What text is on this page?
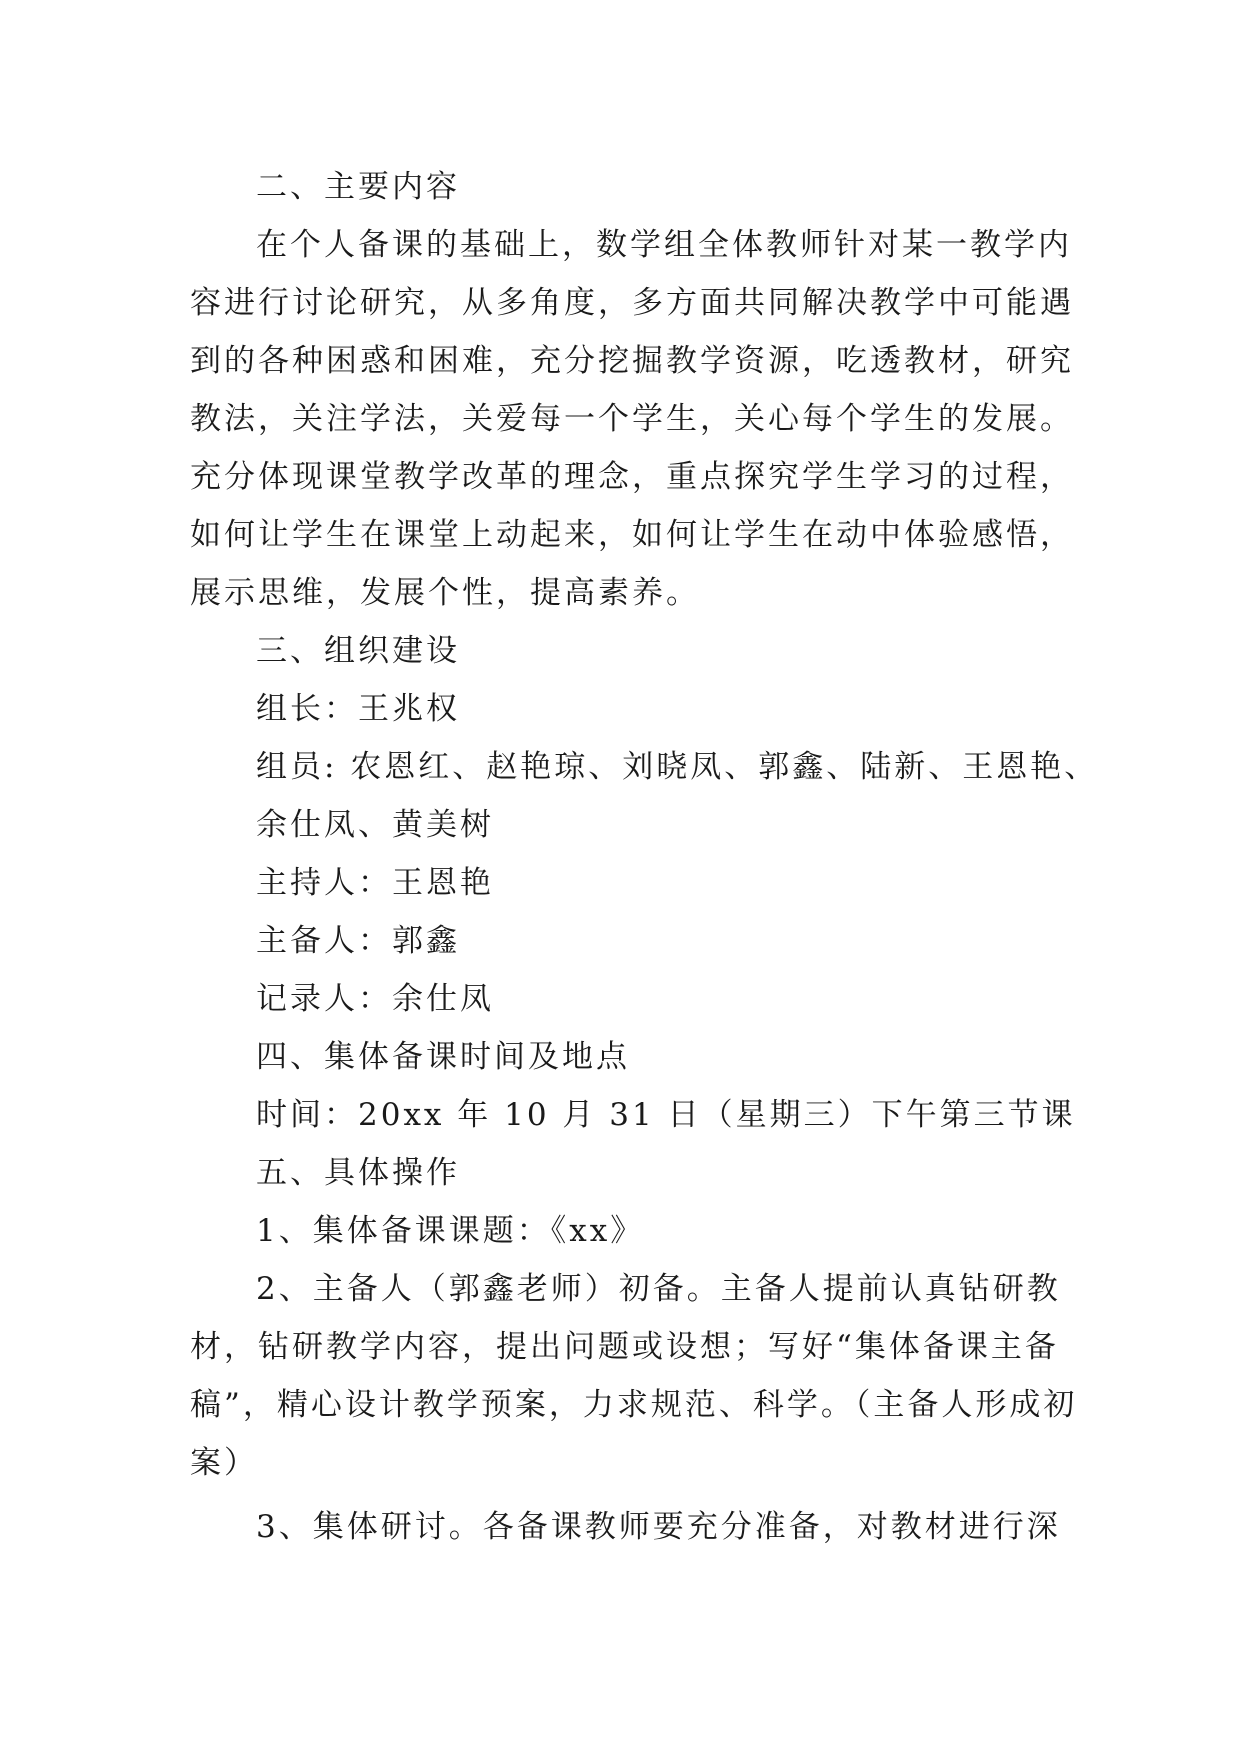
二、主要内容
在个人备课的基础上，数学组全体教师针对某一教学内
容进行讨论研究，从多角度，多方面共同解决教学中可能遇
到的各种困惑和困难，充分挖掘教学资源，吃透教材，研究
教法，关注学法，关爱每一个学生，关心每个学生的发展。
充分体现课堂教学改革的理念，重点探究学生学习的过程，
如何让学生在课堂上动起来，如何让学生在动中体验感悟，
展示思维，发展个性，提高素养。
三、组织建设
组长：王兆权
组员: 农恩红、赵艳琼、刘晓凤、郭鑫、陆新、王恩艳、
余仕凤、黄美树
主持人：王恩艳
主备人：郭鑫
记录人：余仕凤
四、集体备课时间及地点
时间：20xx 年 10 月 31 日（星期三）下午第三节课
五、具体操作
1、集体备课课题：《xx》
2、主备人（郭鑫老师）初备。主备人提前认真钻研教
材，钻研教学内容，提出问题或设想；写好“集体备课主备
稿”，精心设计教学预案，力求规范、科学。（主备人形成初
案）
3、集体研讨。各备课教师要充分准备，对教材进行深
